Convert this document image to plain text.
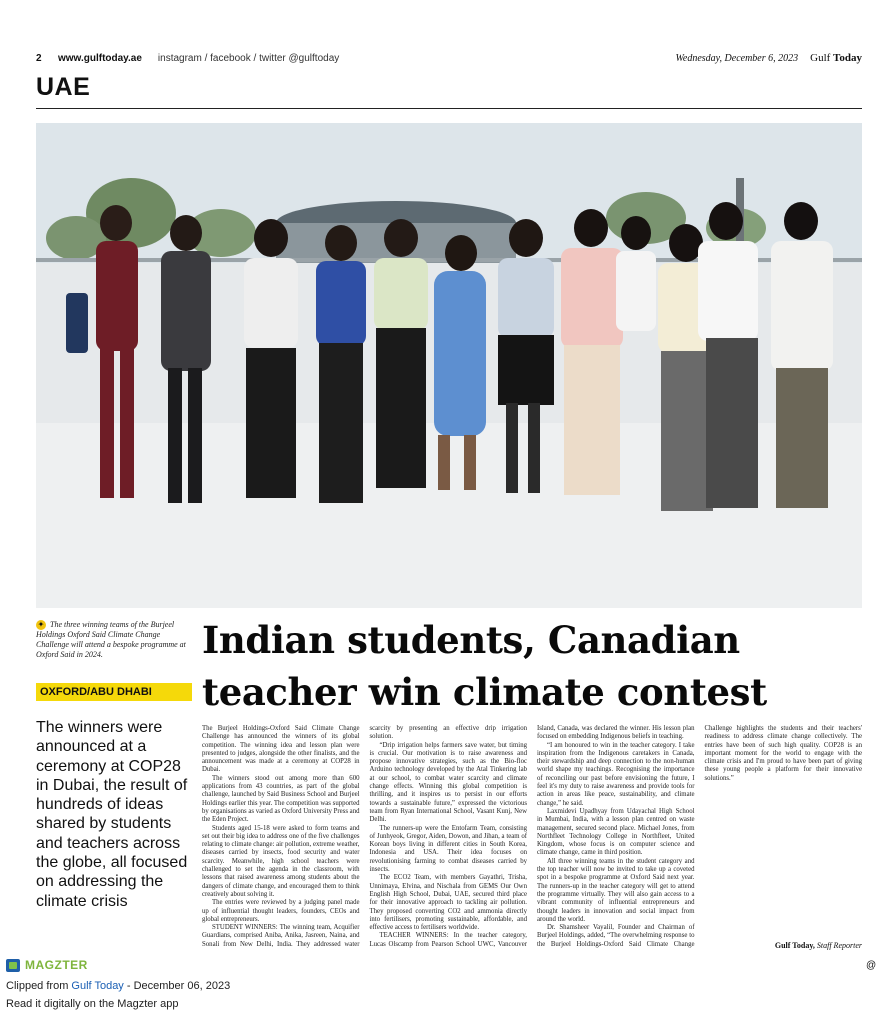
2	www.gulftoday.ae instagram / facebook / twitter @gulftoday	Wednesday, December 6, 2023 Gulf Today
UAE
✦ The three winning teams of the Burjeel Holdings Oxford Said Climate Change Challenge will attend a bespoke programme at Oxford Said in 2024.
OXFORD/ABU DHABI
The winners were announced at a ceremony at COP28 in Dubai, the result of hundreds of ideas shared by students and teachers across the globe, all focused on addressing the climate crisis
Indian students, Canadian teacher win climate contest

The Burjeel Holdings-Oxford Said Climate Change Challenge has announced the winners of its global competition. The winning idea and lesson plan were presented to judges, alongside the other finalists, and the announcement was made at a ceremony at COP28 in Dubai.

The winners stood out among more than 600 applications from 43 countries, as part of the global challenge, launched by Said Business School and Burjeel Holdings earlier this year. The competition was supported by organisations as varied as Oxford University Press and the Eden Project.

Students aged 15-18 were asked to form teams and set out their big idea to address one of the five challenges relating to climate change: air pollution, extreme weather, diseases carried by insects, food security and water scarcity. Meanwhile, high school teachers were challenged to set the agenda in the classroom, with lessons that raised awareness among students about the dangers of climate change, and encouraged them to think creatively about solving it.

The entries were reviewed by a judging panel made up of influential thought leaders, founders, CEOs and global entrepreneurs.

STUDENT WINNERS: The winning team, Acquifier Guardians, comprised Aniba, Anika, Jasreen, Naina, and Sonali from New Delhi, India. They addressed water scarcity by presenting an effective drip irrigation solution.

“Drip irrigation helps farmers save water, but timing is crucial. Our motivation is to raise awareness and propose innovative strategies, such as the Bio-floc Arduino technology developed by the Atal Tinkering lab at our school, to combat water scarcity and climate change effects. Winning this global competition is thrilling, and it inspires us to persist in our efforts towards a sustainable future,” expressed the victorious team from Ryan International School, Vasant Kunj, New Delhi.

The runners-up were the Entofarm Team, consisting of Junhyeok, Gregor, Aiden, Dowon, and Jihan, a team of Korean boys living in different cities in South Korea, Indonesia and USA. Their idea focuses on revolutionising farming to combat diseases carried by insects.

The ECO2 Team, with members Gayathri, Trisha, Unnimaya, Elvina, and Nischala from GEMS Our Own English High School, Dubai, UAE, secured third place for their innovative approach to tackling air pollution. They proposed converting CO2 and ammonia directly into fertilisers, promoting sustainable, affordable, and effective access to fertilisers worldwide.

TEACHER WINNERS: In the teacher category, Lucas Olscamp from Pearson School UWC, Vancouver Island, Canada, was declared the winner. His lesson plan focused on embedding Indigenous beliefs in teaching.

“I am honoured to win in the teacher category. I take inspiration from the Indigenous caretakers in Canada, their stewardship and deep connection to the non-human world shape my teachings. Recognising the importance of reconciling our past before envisioning the future, I feel it's my duty to raise awareness and provide tools for action in areas like peace, sustainability, and climate change,” he said.

Laxmidevi Upadhyay from Udayachal High School in Mumbai, India, with a lesson plan centred on waste management, secured second place. Michael Jones, from Northfleet Technology College in Northfleet, United Kingdom, whose focus is on computer science and climate change, came in third position.

All three winning teams in the student category and the top teacher will now be invited to take up a coveted spot in a bespoke programme at Oxford Said next year. The runners-up in the teacher category will get to attend the programme virtually. They will also gain access to a vibrant community of influential entrepreneurs and thought leaders in innovation and social impact from around the world.

Dr. Shamsheer Vayalil, Founder and Chairman of Burjeel Holdings, added, “The overwhelming response to the Burjeel Holdings-Oxford Said Climate Change Challenge highlights the students and their teachers' readiness to address climate change collectively. The entries have been of such high quality. COP28 is an important moment for the world to engage with the climate crisis and I'm proud to have been part of giving these young people a platform for their innovative solutions.”

Gulf Today, Staff Reporter
MAGZTER	@
Clipped from Gulf Today - December 06, 2023
Read it digitally on the Magzter app
